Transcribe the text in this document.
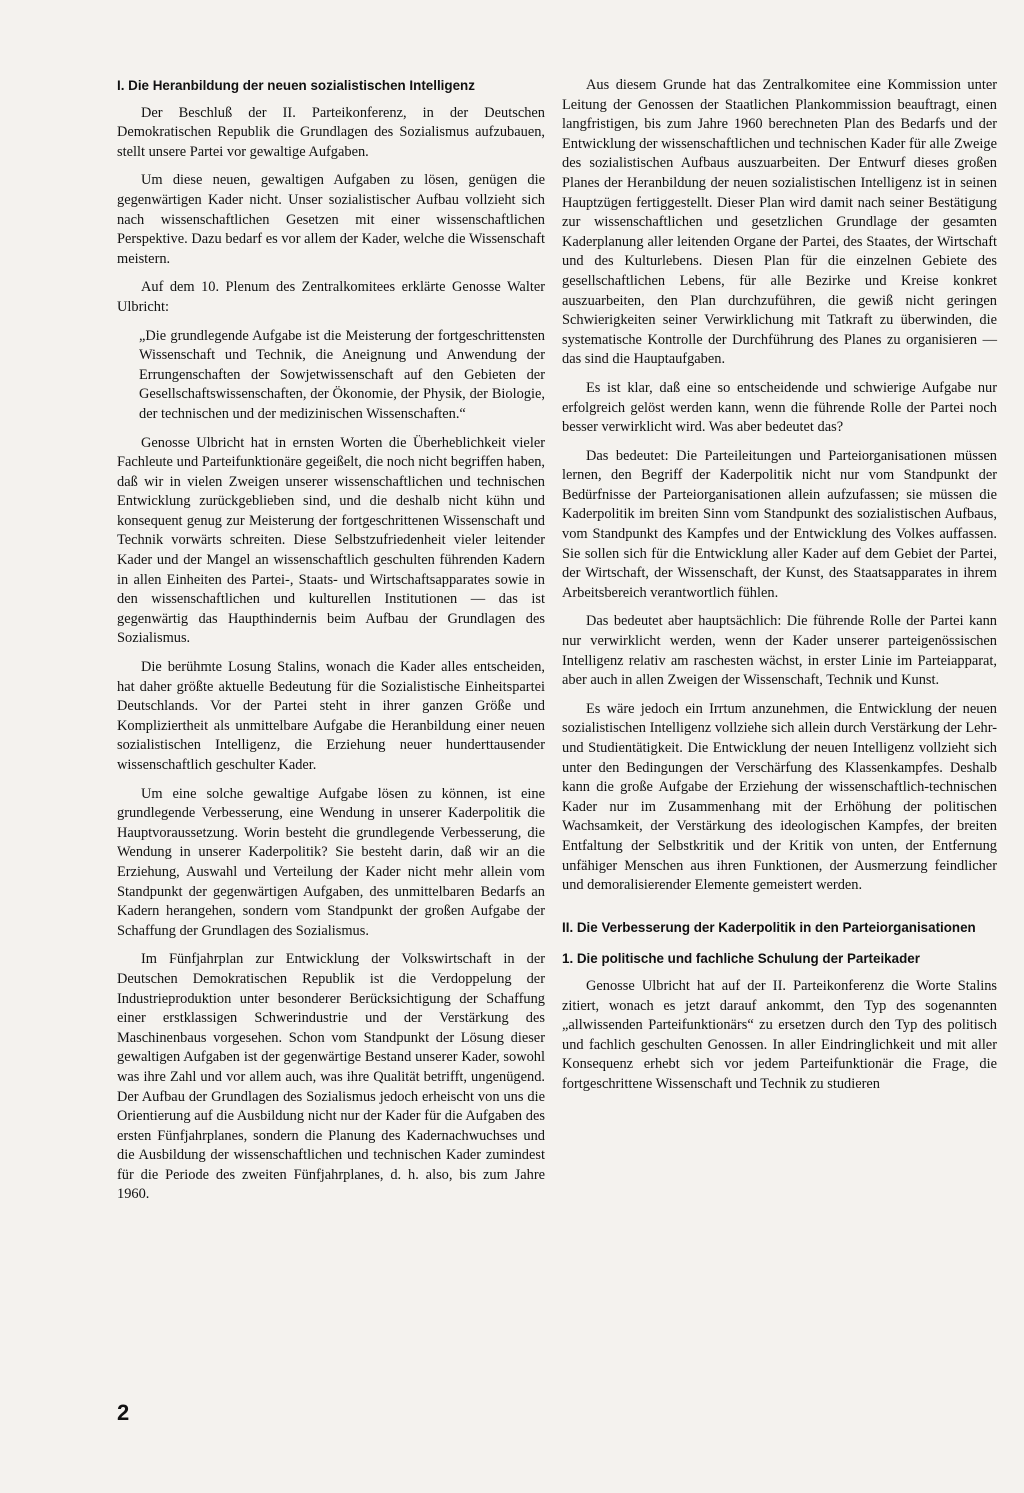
I. Die Heranbildung der neuen sozialistischen Intelligenz

Der Beschluß der II. Parteikonferenz, in der Deutschen Demokratischen Republik die Grundlagen des Sozialismus aufzubauen, stellt unsere Partei vor gewaltige Aufgaben.

Um diese neuen, gewaltigen Aufgaben zu lösen, genügen die gegenwärtigen Kader nicht. Unser sozialistischer Aufbau vollzieht sich nach wissenschaftlichen Gesetzen mit einer wissenschaftlichen Perspektive. Dazu bedarf es vor allem der Kader, welche die Wissenschaft meistern.

Auf dem 10. Plenum des Zentralkomitees erklärte Genosse Walter Ulbricht:

„Die grundlegende Aufgabe ist die Meisterung der fortgeschrittensten Wissenschaft und Technik, die Aneignung und Anwendung der Errungenschaften der Sowjetwissenschaft auf den Gebieten der Gesellschaftswissenschaften, der Ökonomie, der Physik, der Biologie, der technischen und der medizinischen Wissenschaften.“

Genosse Ulbricht hat in ernsten Worten die Überheblichkeit vieler Fachleute und Parteifunktionäre gegeißelt, die noch nicht begriffen haben, daß wir in vielen Zweigen unserer wissenschaftlichen und technischen Entwicklung zurückgeblieben sind, und die deshalb nicht kühn und konsequent genug zur Meisterung der fortgeschrittenen Wissenschaft und Technik vorwärts schreiten. Diese Selbstzufriedenheit vieler leitender Kader und der Mangel an wissenschaftlich geschulten führenden Kadern in allen Einheiten des Partei-, Staats- und Wirtschaftsapparates sowie in den wissenschaftlichen und kulturellen Institutionen — das ist gegenwärtig das Haupthindernis beim Aufbau der Grundlagen des Sozialismus.

Die berühmte Losung Stalins, wonach die Kader alles entscheiden, hat daher größte aktuelle Bedeutung für die Sozialistische Einheitspartei Deutschlands. Vor der Partei steht in ihrer ganzen Größe und Kompliziertheit als unmittelbare Aufgabe die Heranbildung einer neuen sozialistischen Intelligenz, die Erziehung neuer hunderttausender wissenschaftlich geschulter Kader.

Um eine solche gewaltige Aufgabe lösen zu können, ist eine grundlegende Verbesserung, eine Wendung in unserer Kaderpolitik die Hauptvoraussetzung. Worin besteht die grundlegende Verbesserung, die Wendung in unserer Kaderpolitik? Sie besteht darin, daß wir an die Erziehung, Auswahl und Verteilung der Kader nicht mehr allein vom Standpunkt der gegenwärtigen Aufgaben, des unmittelbaren Bedarfs an Kadern herangehen, sondern vom Standpunkt der großen Aufgabe der Schaffung der Grundlagen des Sozialismus.

Im Fünfjahrplan zur Entwicklung der Volkswirtschaft in der Deutschen Demokratischen Republik ist die Verdoppelung der Industrieproduktion unter besonderer Berücksichtigung der Schaffung einer erstklassigen Schwerindustrie und der Verstärkung des Maschinenbaus vorgesehen. Schon vom Standpunkt der Lösung dieser gewaltigen Aufgaben ist der gegenwärtige Bestand unserer Kader, sowohl was ihre Zahl und vor allem auch, was ihre Qualität betrifft, ungenügend. Der Aufbau der Grundlagen des Sozialismus jedoch erheischt von uns die Orientierung auf die Ausbildung nicht nur der Kader für die Aufgaben des ersten Fünfjahrplanes, sondern die Planung des Kadernachwuchses und die Ausbildung der wissenschaftlichen und technischen Kader zumindest für die Periode des zweiten Fünfjahrplanes, d. h. also, bis zum Jahre 1960.

Aus diesem Grunde hat das Zentralkomitee eine Kommission unter Leitung der Genossen der Staatlichen Plankommission beauftragt, einen langfristigen, bis zum Jahre 1960 berechneten Plan des Bedarfs und der Entwicklung der wissenschaftlichen und technischen Kader für alle Zweige des sozialistischen Aufbaus auszuarbeiten. Der Entwurf dieses großen Planes der Heranbildung der neuen sozialistischen Intelligenz ist in seinen Hauptzügen fertiggestellt. Dieser Plan wird damit nach seiner Bestätigung zur wissenschaftlichen und gesetzlichen Grundlage der gesamten Kaderplanung aller leitenden Organe der Partei, des Staates, der Wirtschaft und des Kulturlebens. Diesen Plan für die einzelnen Gebiete des gesellschaftlichen Lebens, für alle Bezirke und Kreise konkret auszuarbeiten, den Plan durchzuführen, die gewiß nicht geringen Schwierigkeiten seiner Verwirklichung mit Tatkraft zu überwinden, die systematische Kontrolle der Durchführung des Planes zu organisieren — das sind die Hauptaufgaben.

Es ist klar, daß eine so entscheidende und schwierige Aufgabe nur erfolgreich gelöst werden kann, wenn die führende Rolle der Partei noch besser verwirklicht wird. Was aber bedeutet das?

Das bedeutet: Die Parteileitungen und Parteiorganisationen müssen lernen, den Begriff der Kaderpolitik nicht nur vom Standpunkt der Bedürfnisse der Parteiorganisationen allein aufzufassen; sie müssen die Kaderpolitik im breiten Sinn vom Standpunkt des sozialistischen Aufbaus, vom Standpunkt des Kampfes und der Entwicklung des Volkes auffassen. Sie sollen sich für die Entwicklung aller Kader auf dem Gebiet der Partei, der Wirtschaft, der Wissenschaft, der Kunst, des Staatsapparates in ihrem Arbeitsbereich verantwortlich fühlen.

Das bedeutet aber hauptsächlich: Die führende Rolle der Partei kann nur verwirklicht werden, wenn der Kader unserer parteigenössischen Intelligenz relativ am raschesten wächst, in erster Linie im Parteiapparat, aber auch in allen Zweigen der Wissenschaft, Technik und Kunst.

Es wäre jedoch ein Irrtum anzunehmen, die Entwicklung der neuen sozialistischen Intelligenz vollziehe sich allein durch Verstärkung der Lehr- und Studientätigkeit. Die Entwicklung der neuen Intelligenz vollzieht sich unter den Bedingungen der Verschärfung des Klassenkampfes. Deshalb kann die große Aufgabe der Erziehung der wissenschaftlich-technischen Kader nur im Zusammenhang mit der Erhöhung der politischen Wachsamkeit, der Verstärkung des ideologischen Kampfes, der breiten Entfaltung der Selbstkritik und der Kritik von unten, der Entfernung unfähiger Menschen aus ihren Funktionen, der Ausmerzung feindlicher und demoralisierender Elemente gemeistert werden.

II. Die Verbesserung der Kaderpolitik in den Parteiorganisationen
1. Die politische und fachliche Schulung der Parteikader

Genosse Ulbricht hat auf der II. Parteikonferenz die Worte Stalins zitiert, wonach es jetzt darauf ankommt, den Typ des sogenannten „allwissenden Parteifunktionärs“ zu ersetzen durch den Typ des politisch und fachlich geschulten Genossen. In aller Eindringlichkeit und mit aller Konsequenz erhebt sich vor jedem Parteifunktionär die Frage, die fortgeschrittene Wissenschaft und Technik zu studieren

2
